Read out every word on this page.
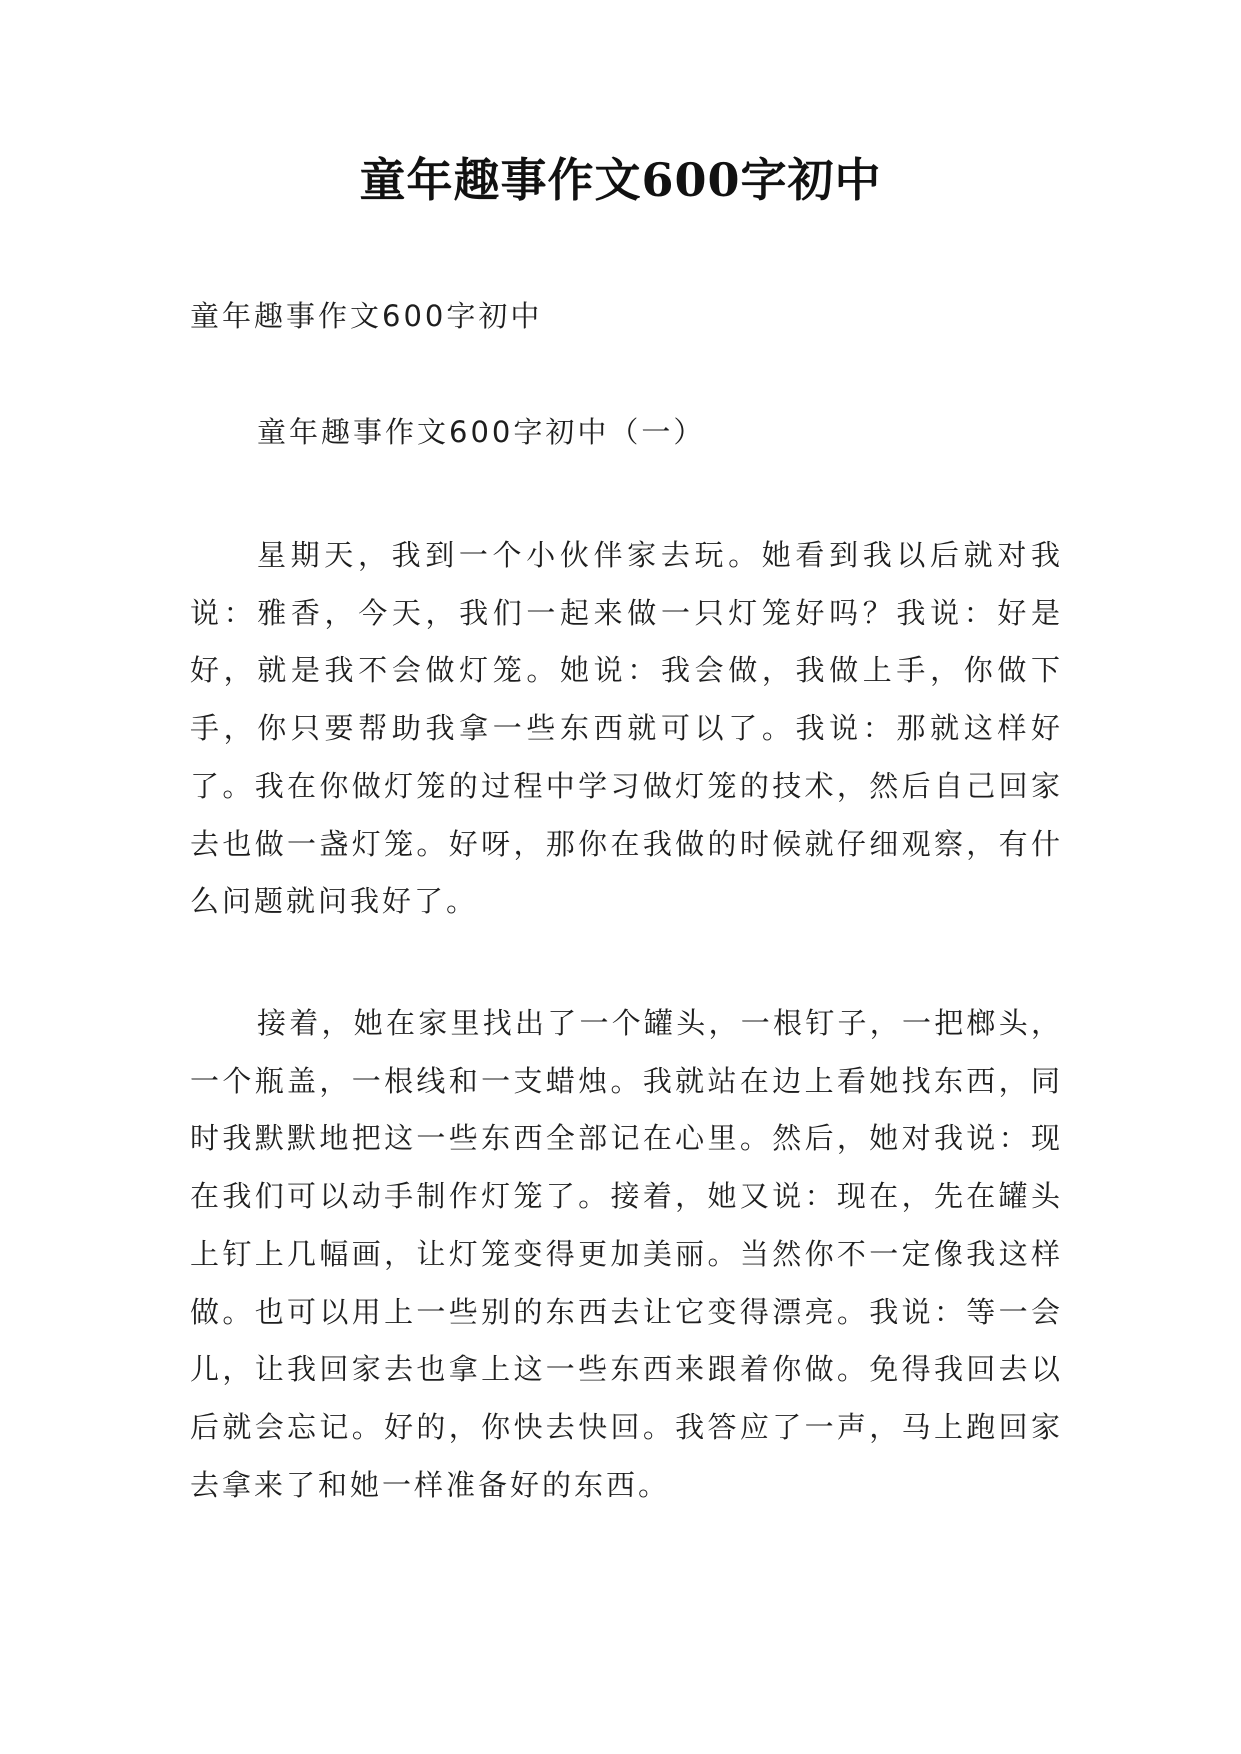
童年趣事作文600字初中
童年趣事作文600字初中
童年趣事作文600字初中（一）
星期天，我到一个小伙伴家去玩。她看到我以后就对我说：雅香，今天，我们一起来做一只灯笼好吗？我说：好是好，就是我不会做灯笼。她说：我会做，我做上手，你做下手，你只要帮助我拿一些东西就可以了。我说：那就这样好了。我在你做灯笼的过程中学习做灯笼的技术，然后自己回家去也做一盏灯笼。好呀，那你在我做的时候就仔细观察，有什么问题就问我好了。
接着，她在家里找出了一个罐头，一根钉子，一把榔头，一个瓶盖，一根线和一支蜡烛。我就站在边上看她找东西，同时我默默地把这一些东西全部记在心里。然后，她对我说：现在我们可以动手制作灯笼了。接着，她又说：现在，先在罐头上钉上几幅画，让灯笼变得更加美丽。当然你不一定像我这样做。也可以用上一些别的东西去让它变得漂亮。我说：等一会儿，让我回家去也拿上这一些东西来跟着你做。免得我回去以后就会忘记。好的，你快去快回。我答应了一声，马上跑回家去拿来了和她一样准备好的东西。
